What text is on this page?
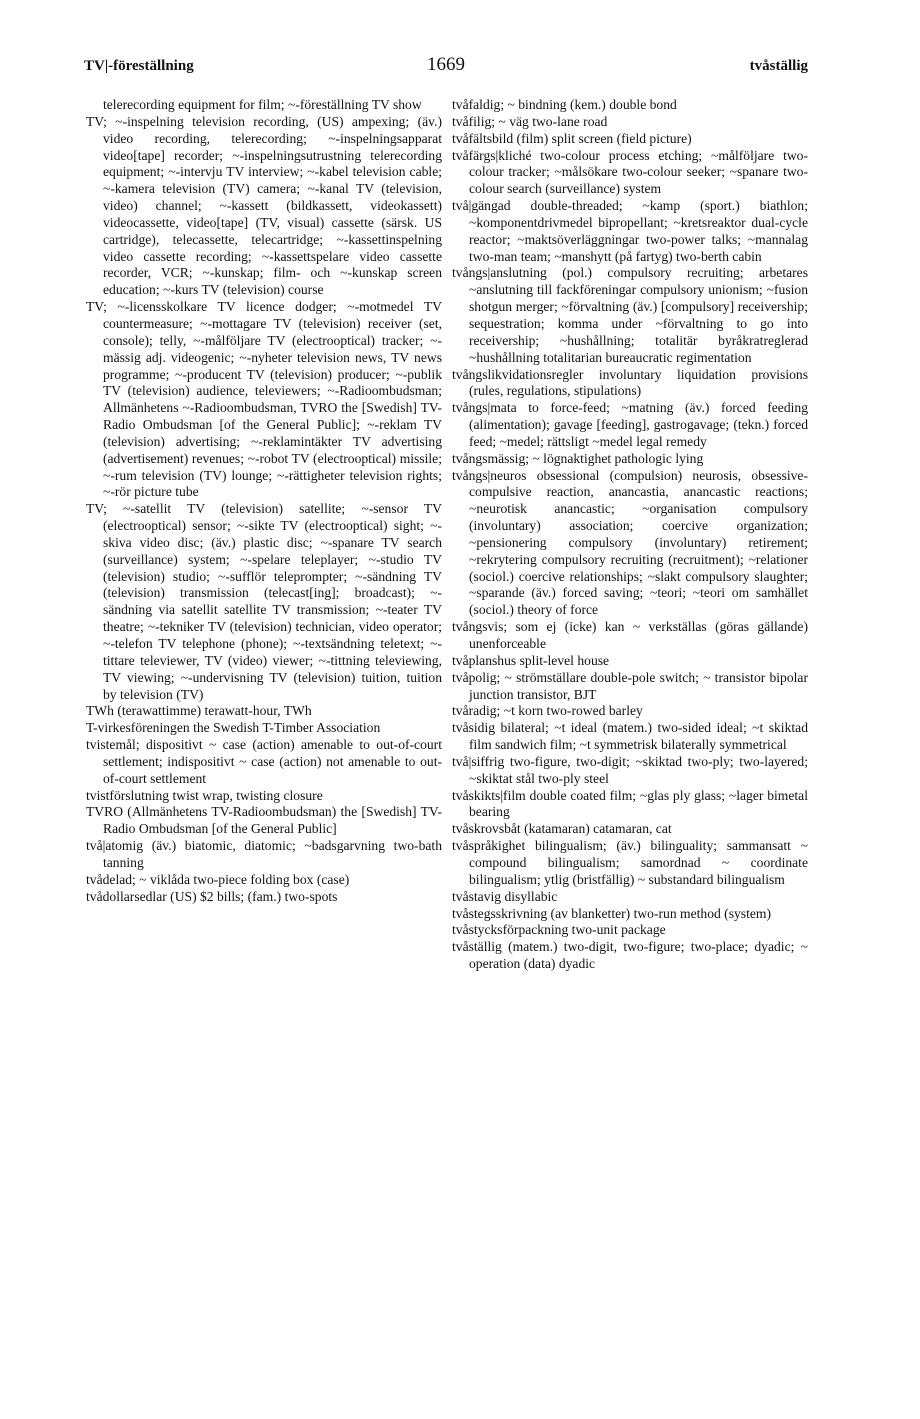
TV|-föreställning	1669	tvåställig

telerecording equipment for film; ~-föreställning TV show

TV; ~-inspelning television recording, (US) ampexing; (äv.) video recording, telerecording; ~-inspelningsapparat video[tape] recorder; ~-inspelningsutrustning telerecording equipment; ~-intervju TV interview; ~-kabel television cable; ~-kamera television (TV) camera; ~-kanal TV (television, video) channel; ~-kassett (bildkassett, videokassett) videocassette, video[tape] (TV, visual) cassette (särsk. US cartridge), telecassette, telecartridge; ~-kassettinspelning video cassette recording; ~-kassettspelare video cassette recorder, VCR; ~-kunskap; film- och ~-kunskap screen education; ~-kurs TV (television) course

TV; ~-licensskolkare TV licence dodger; ~-motmedel TV countermeasure; ~-mottagare TV (television) receiver (set, console); telly, ~-målföljare TV (electrooptical) tracker; ~-mässig adj. videogenic; ~-nyheter television news, TV news programme; ~-producent TV (television) producer; ~-publik TV (television) audience, televiewers; ~-Radioombudsman; Allmänhetens ~-Radioombudsman, TVRO the [Swedish] TV-Radio Ombudsman [of the General Public]; ~-reklam TV (television) advertising; ~-reklamintäkter TV advertising (advertisement) revenues; ~-robot TV (electrooptical) missile; ~-rum television (TV) lounge; ~-rättigheter television rights; ~-rör picture tube

TV; ~-satellit TV (television) satellite; ~-sensor TV (electrooptical) sensor; ~-sikte TV (electrooptical) sight; ~-skiva video disc; (äv.) plastic disc; ~-spanare TV search (surveillance) system; ~-spelare teleplayer; ~-studio TV (television) studio; ~-sufflör teleprompter; ~-sändning TV (television) transmission (telecast[ing]; broadcast); ~-sändning via satellit satellite TV transmission; ~-teater TV theatre; ~-tekniker TV (television) technician, video operator; ~-telefon TV telephone (phone); ~-textsändning teletext; ~-tittare televiewer, TV (video) viewer; ~-tittning televiewing, TV viewing; ~-undervisning TV (television) tuition, tuition by television (TV)

TWh (terawattimme) terawatt-hour, TWh

T-virkesföreningen the Swedish T-Timber Association

tvistemål; dispositivt ~ case (action) amenable to out-of-court settlement; indispositivt ~ case (action) not amenable to out-of-court settlement

tvistförslutning twist wrap, twisting closure

TVRO (Allmänhetens TV-Radioombudsman) the [Swedish] TV-Radio Ombudsman [of the General Public]

två|atomig (äv.) biatomic, diatomic; ~badsgarvning two-bath tanning

tvådelad; ~ viklåda two-piece folding box (case)

tvådollarsedlar (US) $2 bills; (fam.) two-spots

tvåfaldig; ~ bindning (kem.) double bond

tvåfilig; ~ väg two-lane road

tvåfältsbild (film) split screen (field picture)

tvåfärgs|kliché two-colour process etching; ~målföljare two-colour tracker; ~målsökare two-colour seeker; ~spanare two-colour search (surveillance) system

två|gängad double-threaded; ~kamp (sport.) biathlon; ~komponentdrivmedel bipropellant; ~kretsreaktor dual-cycle reactor; ~maktsöverläggningar two-power talks; ~mannalag two-man team; ~manshytt (på fartyg) two-berth cabin

tvångs|anslutning (pol.) compulsory recruiting; arbetares ~anslutning till fackföreningar compulsory unionism; ~fusion shotgun merger; ~förvaltning (äv.) [compulsory] receivership; sequestration; komma under ~förvaltning to go into receivership; ~hushållning; totalitär byråkratreglerad ~hushållning totalitarian bureaucratic regimentation

tvångslikvidationsregler involuntary liquidation provisions (rules, regulations, stipulations)

tvångs|mata to force-feed; ~matning (äv.) forced feeding (alimentation); gavage [feeding], gastrogavage; (tekn.) forced feed; ~medel; rättsligt ~medel legal remedy

tvångsmässig; ~ lögnaktighet pathologic lying

tvångs|neuros obsessional (compulsion) neurosis, obsessive-compulsive reaction, anancastia, anancastic reactions; ~neurotisk anancastic; ~organisation compulsory (involuntary) association; coercive organization; ~pensionering compulsory (involuntary) retirement; ~rekrytering compulsory recruiting (recruitment); ~relationer (sociol.) coercive relationships; ~slakt compulsory slaughter; ~sparande (äv.) forced saving; ~teori; ~teori om samhället (sociol.) theory of force

tvångsvis; som ej (icke) kan ~ verkställas (göras gällande) unenforceable

tvåplanshus split-level house

tvåpolig; ~ strömställare double-pole switch; ~ transistor bipolar junction transistor, BJT

tvåradig; ~t korn two-rowed barley

tvåsidig bilateral; ~t ideal (matem.) two-sided ideal; ~t skiktad film sandwich film; ~t symmetrisk bilaterally symmetrical

två|siffrig two-figure, two-digit; ~skiktad two-ply; two-layered; ~skiktat stål two-ply steel

tvåskikts|film double coated film; ~glas ply glass; ~lager bimetal bearing

tvåskrovsbåt (katamaran) catamaran, cat

tvåspråkighet bilingualism; (äv.) bilinguality; sammansatt ~ compound bilingualism; samordnad ~ coordinate bilingualism; ytlig (bristfällig) ~ substandard bilingualism

tvåstavig disyllabic

tvåstegsskrivning (av blanketter) two-run method (system)

tvåstycksförpackning two-unit package

tvåställig (matem.) two-digit, two-figure; two-place; dyadic; ~ operation (data) dyadic
